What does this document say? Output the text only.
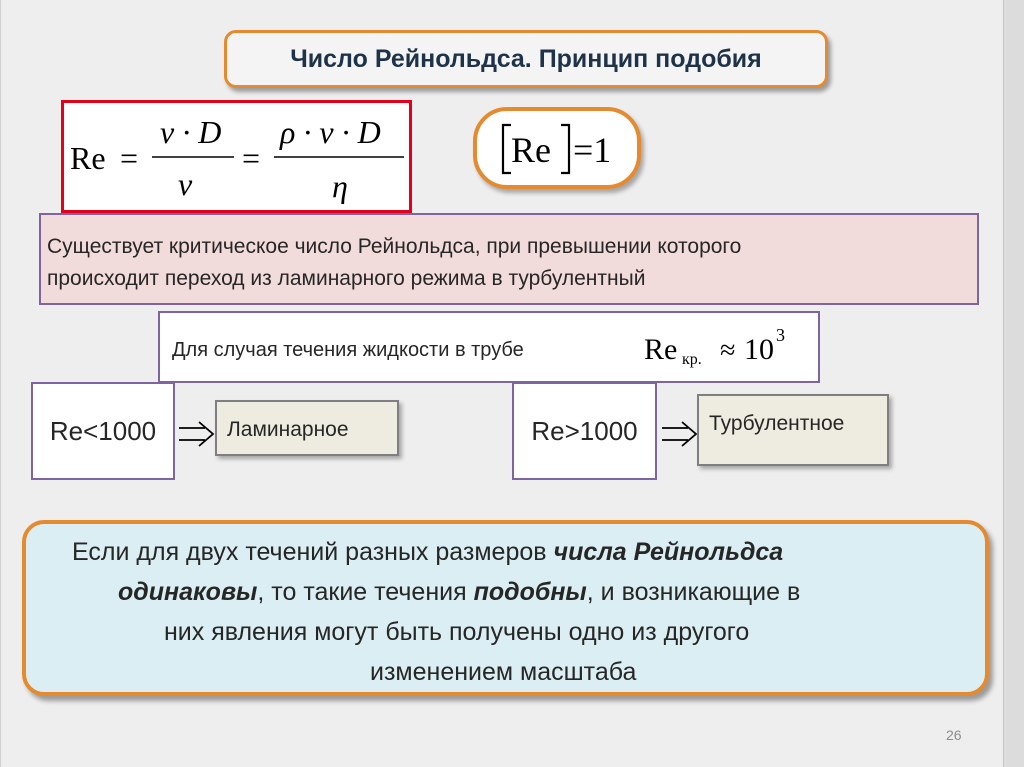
Число Рейнольдса. Принцип подобия
Re =
v · D
ν
=
ρ · v · D
η
Re =1
Существует критическое число Рейнольдса, при превышении которого
происходит переход из ламинарного режима в турбулентный
Для случая течения жидкости в трубе	Re кр. ≈ 10 3
Re<1000	Ламинарное	Re>1000	Турбулентное
Если для двух течений разных размеров числа Рейнольдса
одинаковы, то такие течения подобны, и возникающие в
них явления могут быть получены одно из другого
изменением масштаба
26
